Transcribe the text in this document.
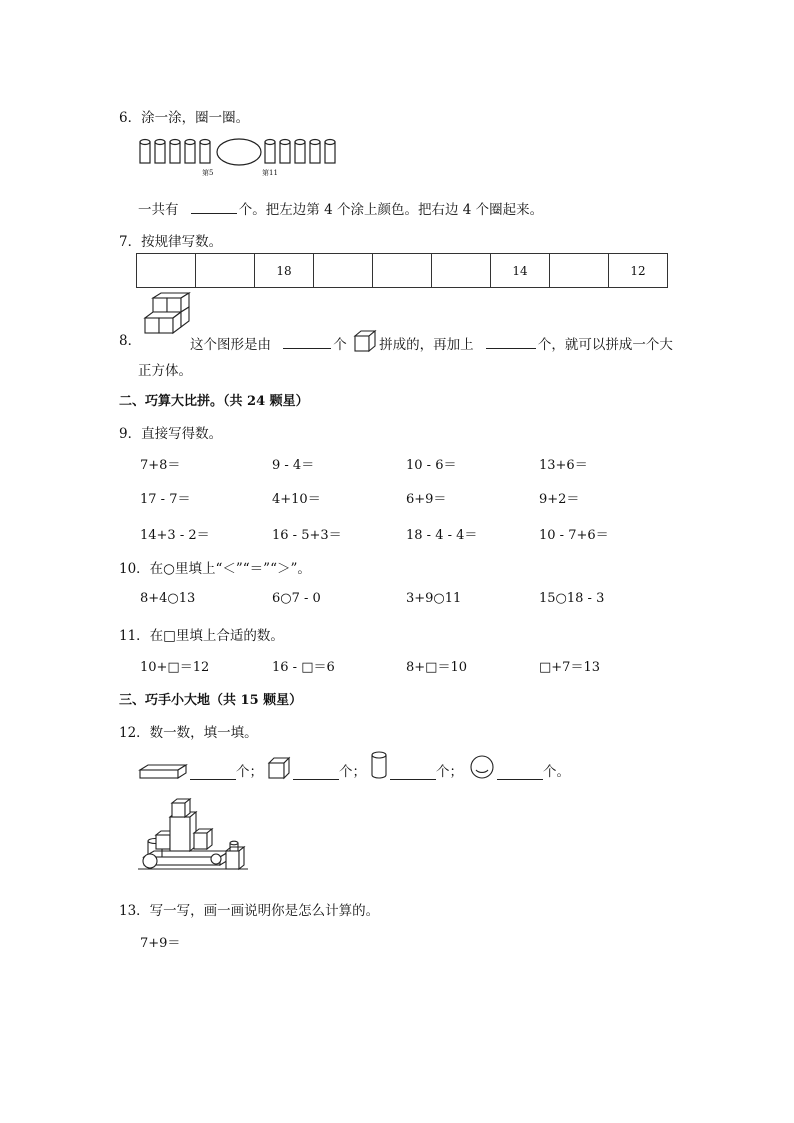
6．涂一涂，圈一圈。
第5	第11
一共有	个。把左边第 4 个涂上颜色。把右边 4 个圈起来。
7．按规律写数。
		18				14		12
8．	这个图形是由	个 拼成的，再加上	个，就可以拼成一个大
正方体。
二、巧算大比拼。（共 24 颗星）
9．直接写得数。
7+8＝	9 - 4＝	10 - 6＝	13+6＝
17 - 7＝	4+10＝	6+9＝	9+2＝
14+3 - 2＝	16 - 5+3＝	18 - 4 - 4＝	10 - 7+6＝
10．在○里填上“＜”“＝”“＞”。
8+4○13	6○7 - 0	3+9○11	15○18 - 3
11．在□里填上合适的数。
10+□＝12	16 - □＝6	8+□＝10	□+7＝13
三、巧手小大地（共 15 颗星）
12．数一数，填一填。
个；	个；	个；	个。
13．写一写，画一画说明你是怎么计算的。
7+9＝
